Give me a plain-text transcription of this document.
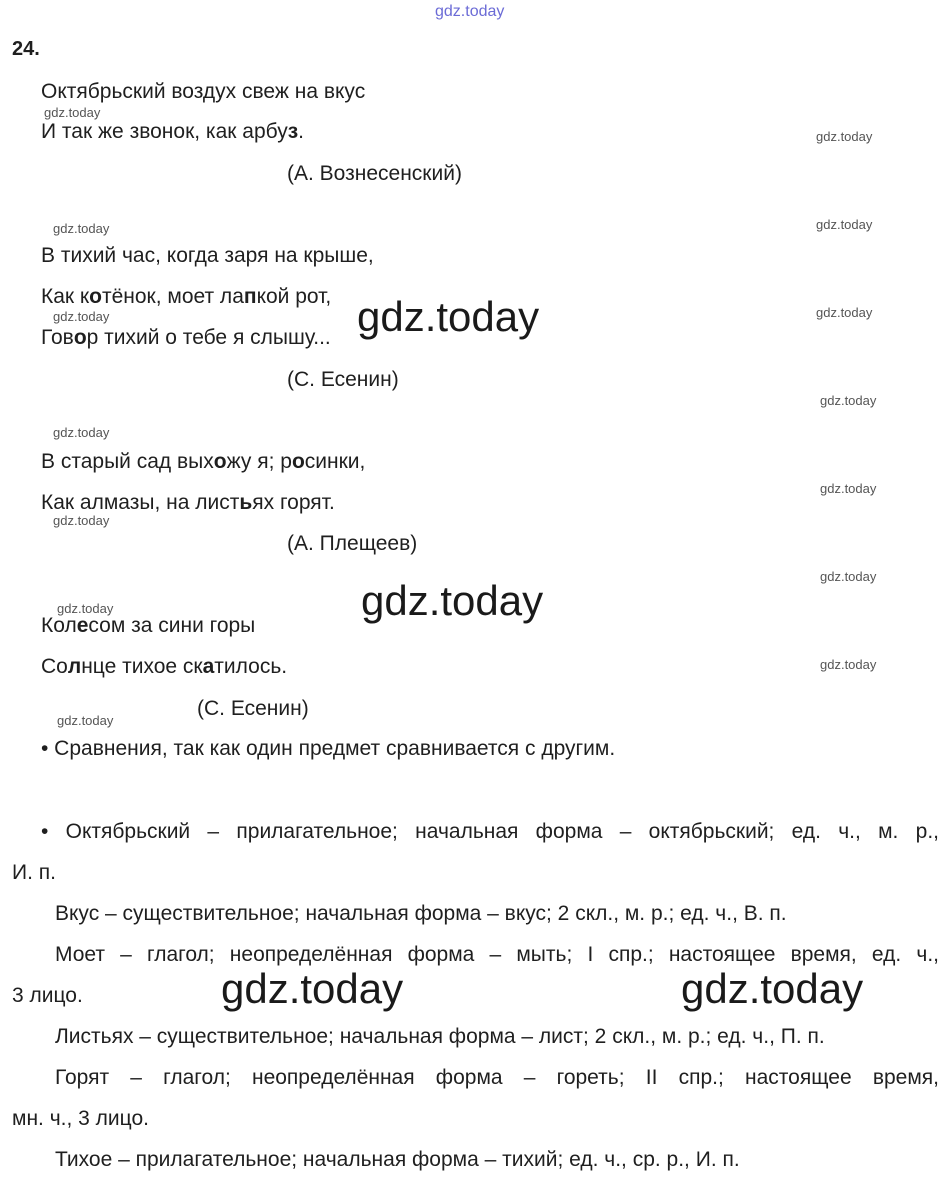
gdz.today
24.
Октябрьский воздух свеж на вкус
И так же звонок, как арбуз.
(А. Вознесенский)
В тихий час, когда заря на крыше,
Как котёнок, моет лапкой рот,
Говор тихий о тебе я слышу...
(С. Есенин)
В старый сад выхожу я; росинки,
Как алмазы, на листьях горят.
(А. Плещеев)
Колесом за сини горы
Солнце тихое скатилось.
(С. Есенин)
• Сравнения, так как один предмет сравнивается с другим.
• Октябрьский – прилагательное; начальная форма – октябрьский; ед. ч., м. р.,
И. п.
Вкус – существительное; начальная форма – вкус; 2 скл., м. р.; ед. ч., В. п.
Моет – глагол; неопределённая форма – мыть; I спр.; настоящее время, ед. ч.,
3 лицо.
Листьях – существительное; начальная форма – лист; 2 скл., м. р.; ед. ч., П. п.
Горят – глагол; неопределённая форма – гореть; II спр.; настоящее время,
мн. ч., 3 лицо.
Тихое – прилагательное; начальная форма – тихий; ед. ч., ср. р., И. п.
gdz.today
gdz.today
gdz.today	gdz.today
gdz.today
gdz.today
gdz.today
gdz.today
gdz.today
gdz.today
gdz.today
gdz.today
gdz.today
gdz.today
gdz.today
gdz.today
gdz.today	gdz.today
